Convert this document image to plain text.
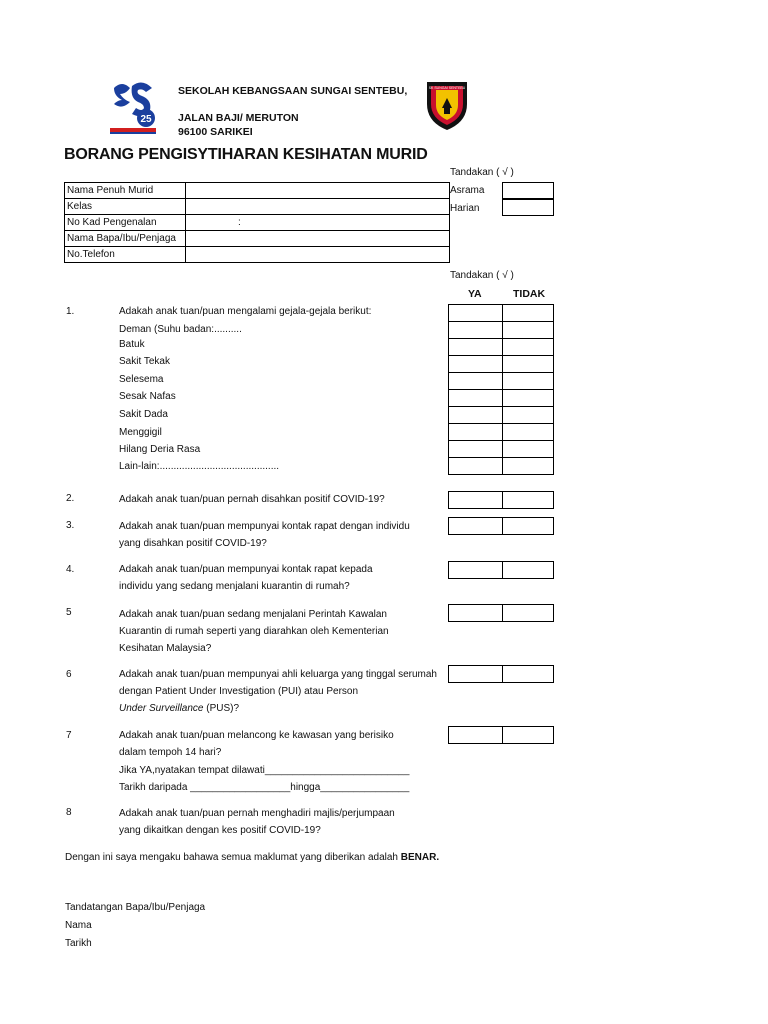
25
SK SUNGAI SENTEBU
SEKOLAH KEBANGSAAN SUNGAI SENTEBU,
JALAN BAJI/ MERUTON
96100 SARIKEI
BORANG PENGISYTIHARAN KESIHATAN MURID
Tandakan ( √ )
Nama Penuh Murid	
Kelas	
No Kad Pengenalan	:
Nama Bapa/Ibu/Penjaga	
No.Telefon	
Asrama
Harian
Tandakan ( √ )
YA	TIDAK
1.	Adakah anak tuan/puan mengalami gejala-gejala berikut:
Deman (Suhu badan:..........
Batuk
Sakit Tekak
Selesema
Sesak Nafas
Sakit Dada
Menggigil
Hilang Deria Rasa
Lain-lain:...........................................
2.	Adakah anak tuan/puan pernah disahkan positif COVID-19?
3.	Adakah anak tuan/puan mempunyai kontak rapat dengan individu
yang disahkan positif COVID-19?
4.	Adakah anak tuan/puan mempunyai kontak rapat kepada
individu yang sedang menjalani kuarantin di rumah?
5	Adakah anak tuan/puan sedang menjalani Perintah Kawalan
Kuarantin di rumah seperti yang diarahkan oleh Kementerian
Kesihatan Malaysia?
6	Adakah anak tuan/puan mempunyai ahli keluarga yang tinggal serumah
dengan Patient Under Investigation (PUI) atau Person
Under Surveillance (PUS)?
7	Adakah anak tuan/puan melancong ke kawasan yang berisiko
dalam tempoh 14 hari?
Jika YA,nyatakan tempat dilawati__________________________
Tarikh daripada __________________hingga________________
8	Adakah anak tuan/puan pernah menghadiri majlis/perjumpaan
yang dikaitkan dengan kes positif COVID-19?
Dengan ini saya mengaku bahawa semua maklumat yang diberikan adalah BENAR.
Tandatangan Bapa/Ibu/Penjaga
Nama
Tarikh
